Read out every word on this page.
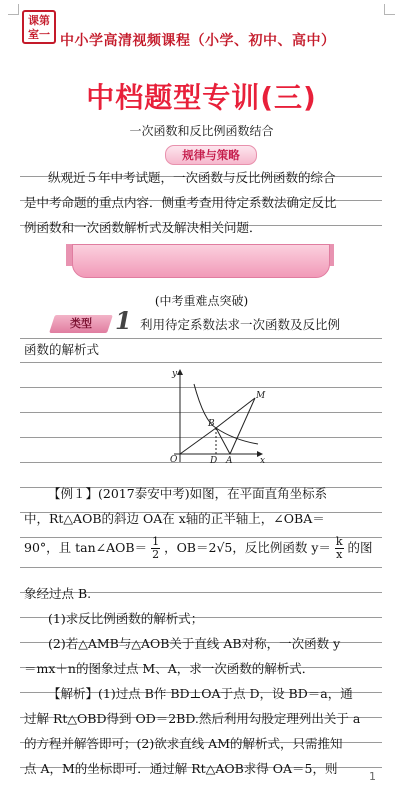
课第
室一 中小学高清视频课程（小学、初中、高中）
中档题型专训(三)
一次函数和反比例函数结合
规律与策略
纵观近５年中考试题，一次函数与反比例函数的综合
是中考命题的重点内容．侧重考查用待定系数法确定反比
例函数和一次函数解析式及解决相关问题．
(中考重难点突破)
类型 1 利用待定系数法求一次函数及反比例
函数的解析式
y
M
B
O	D A	x
【例１】(2017泰安中考)如图，在平面直角坐标系
中，Rt△AOB的斜边 OA在 x轴的正半轴上，∠OBA＝
90°，且 tan∠AOB＝ $\frac{1}{2}$ ，OB＝2√5，反比例函数 $y= \frac{k}{x}$ 的图
象经过点 B.
(1)求反比例函数的解析式；
(2)若△AMB与△AOB关于直线 AB对称，一次函数 y
＝mx＋n的图象过点 M、A，求一次函数的解析式．
【解析】(1)过点 B作 BD⊥OA于点 D，设 BD＝a，通
过解 Rt△OBD得到 OD＝2BD.然后利用勾股定理列出关于 a
的方程并解答即可；(2)欲求直线 AM的解析式，只需推知
点 A，M的坐标即可．通过解 Rt△AOB求得 OA＝5，则
1
